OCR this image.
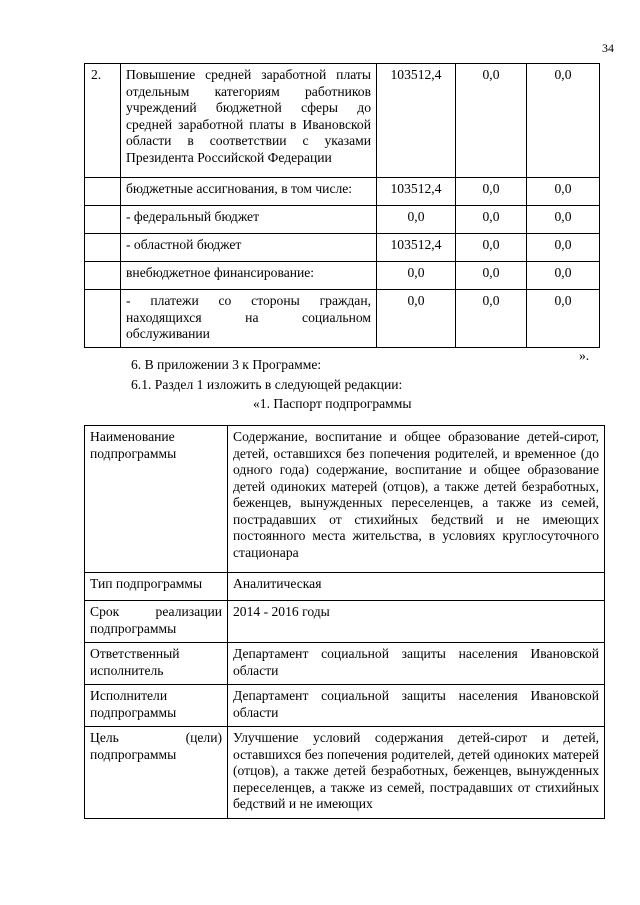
34
2.	Повышение средней заработной платы отдельным категориям работников учреждений бюджетной сферы до средней заработной платы в Ивановской области в соответствии с указами Президента Российской Федерации	103512,4	0,0	0,0
	бюджетные ассигнования, в том числе:	103512,4	0,0	0,0
	- федеральный бюджет	0,0	0,0	0,0
	- областной бюджет	103512,4	0,0	0,0
	внебюджетное финансирование:	0,0	0,0	0,0
	- платежи со стороны граждан, находящихся на социальном обслуживании	0,0	0,0	0,0
».
6. В приложении 3 к Программе:
6.1. Раздел 1 изложить в следующей редакции:
«1. Паспорт подпрограммы
Наименование подпрограммы	Содержание, воспитание и общее образование детей-сирот, детей, оставшихся без попечения родителей, и временное (до одного года) содержание, воспитание и общее образование детей одиноких матерей (отцов), а также детей безработных, беженцев, вынужденных переселенцев, а также из семей, пострадавших от стихийных бедствий и не имеющих постоянного места жительства, в условиях круглосуточного стационара
Тип подпрограммы	Аналитическая
Срок реализации подпрограммы	2014 - 2016 годы
Ответственный исполнитель	Департамент социальной защиты населения Ивановской области
Исполнители подпрограммы	Департамент социальной защиты населения Ивановской области
Цель (цели) подпрограммы	Улучшение условий содержания детей-сирот и детей, оставшихся без попечения родителей, детей одиноких матерей (отцов), а также детей безработных, беженцев, вынужденных переселенцев, а также из семей, пострадавших от стихийных бедствий и не имеющих
